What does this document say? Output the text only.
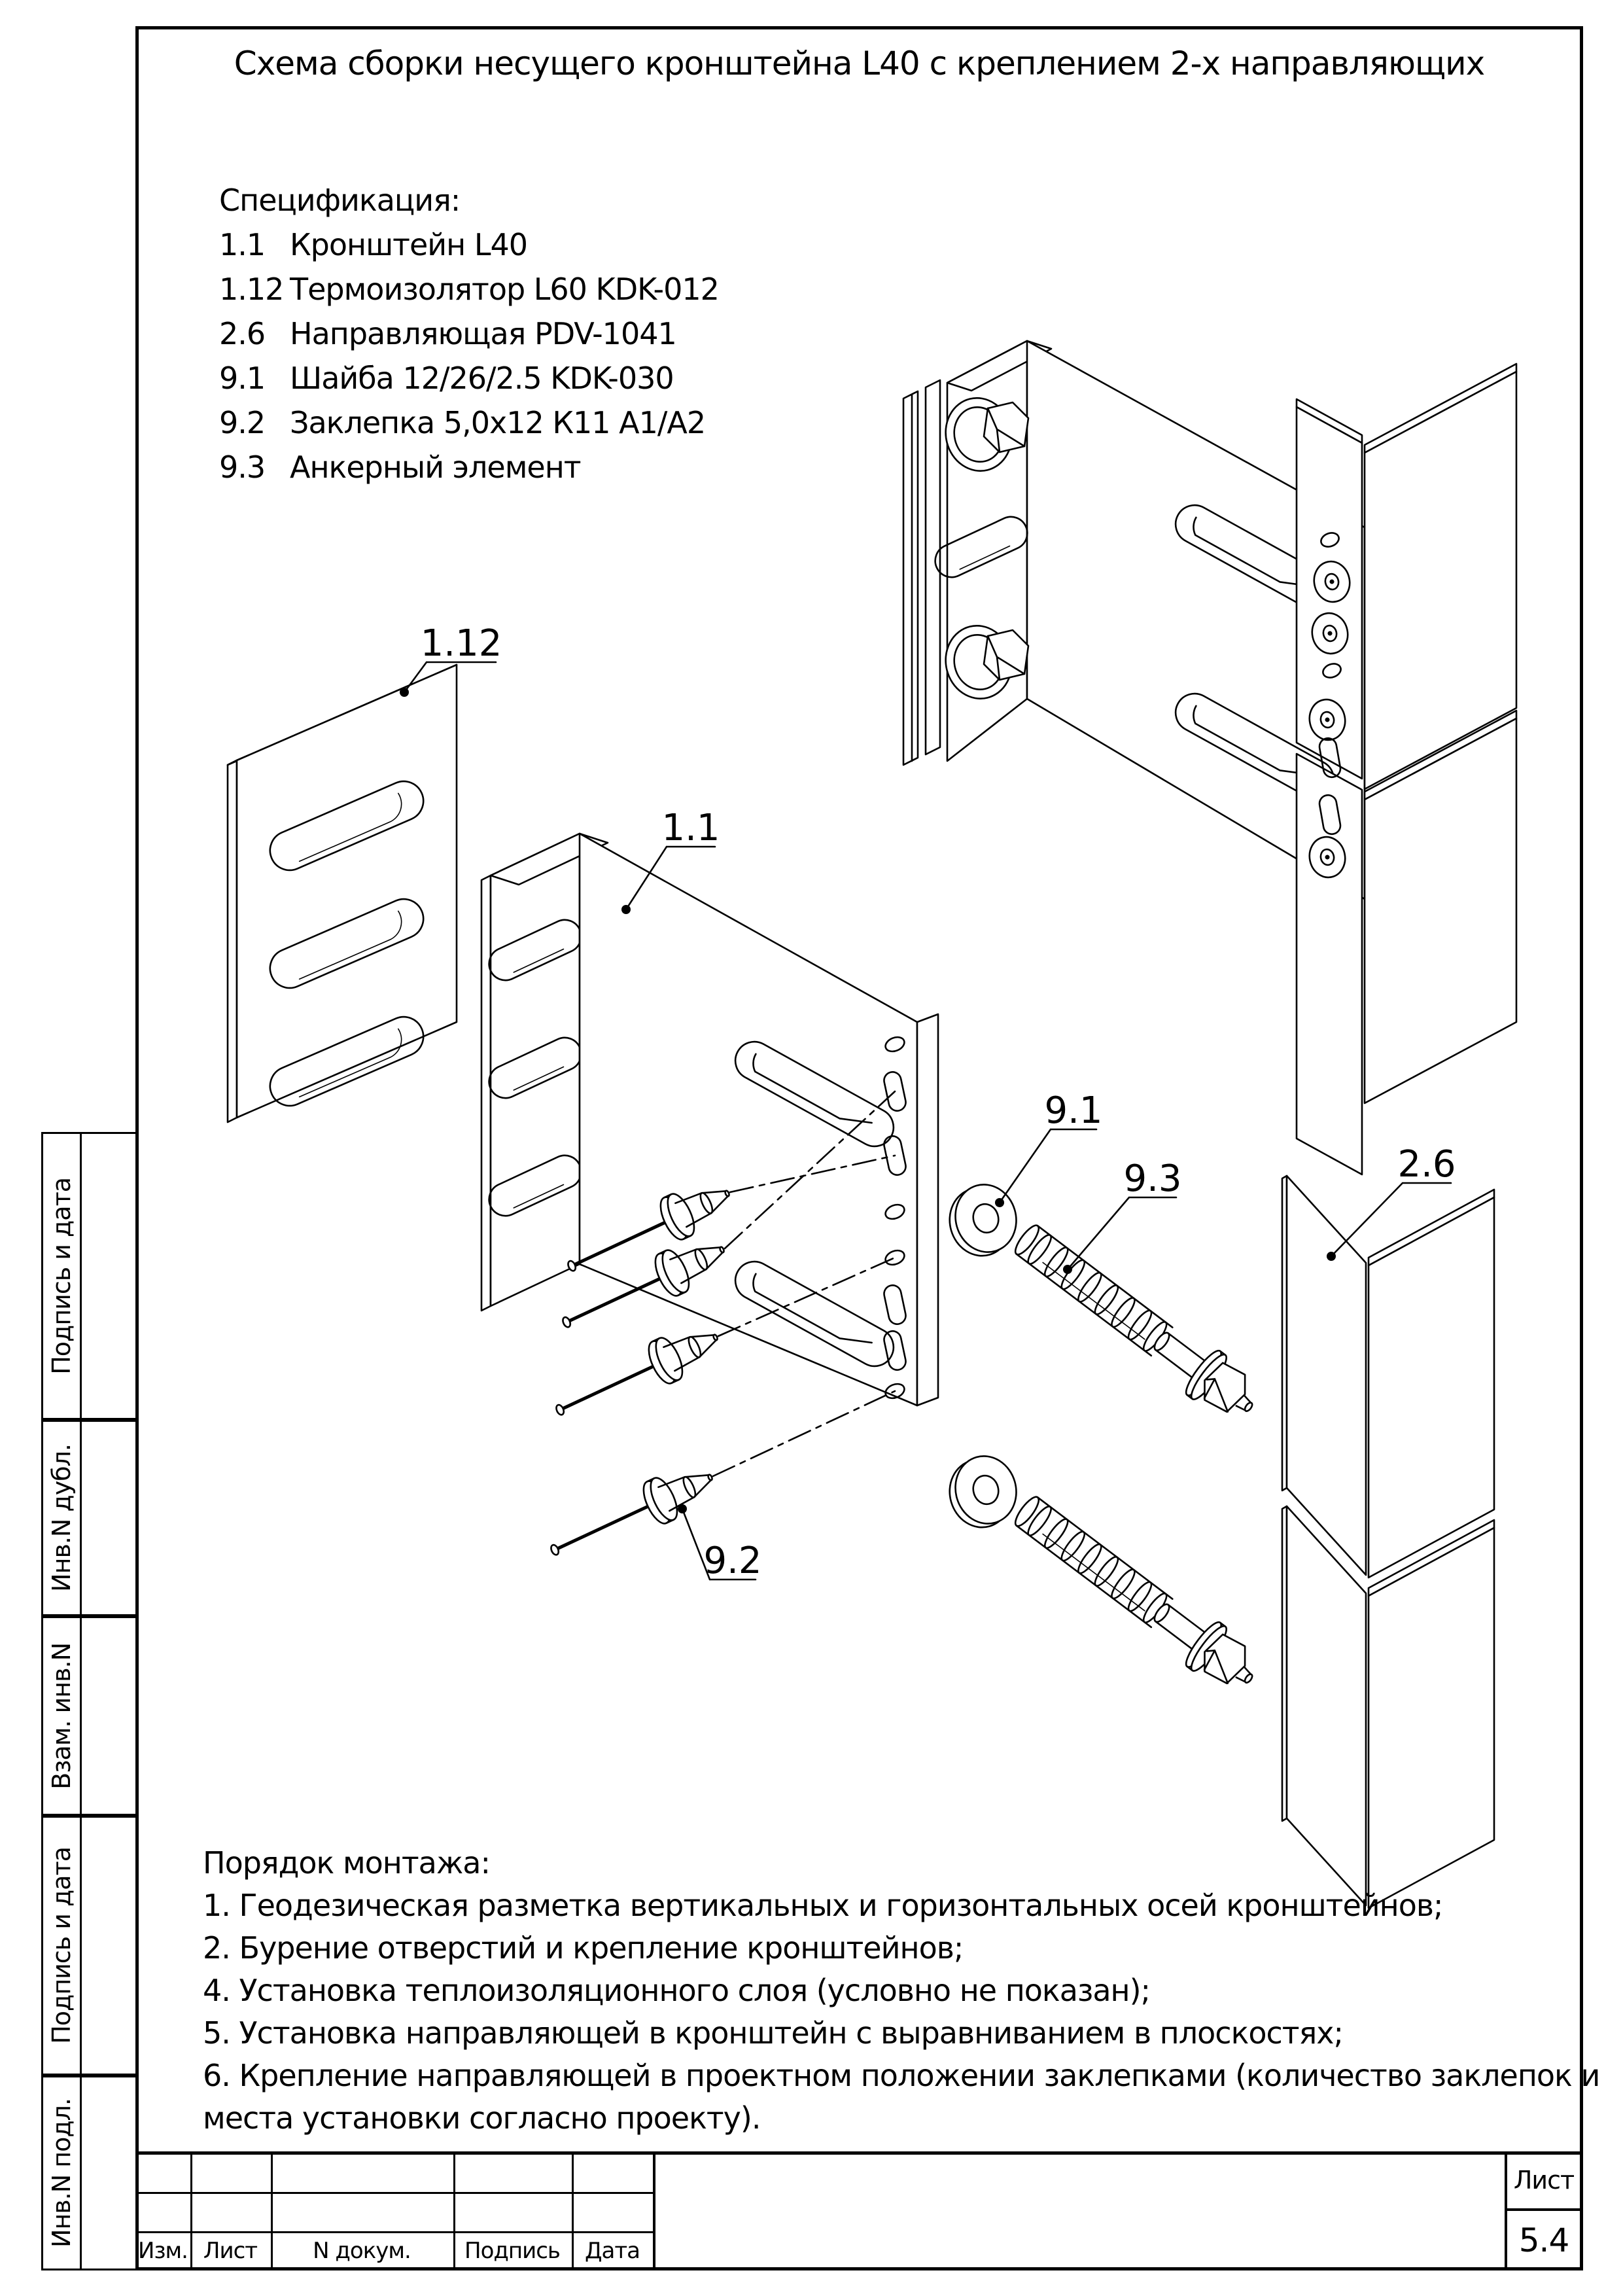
Схема сборки несущего кронштейна L40 с креплением 2-х направляющих
Спецификация:
1.1 Кронштейн L40
1.12 Термоизолятор L60 KDK-012
2.6 Направляющая PDV-1041
9.1 Шайба 12/26/2.5 KDK-030
9.2 Заклепка 5,0х12 К11 А1/А2
9.3 Анкерный элемент
1.12
1.1
9.1
9.3
9.2
2.6
Порядок монтажа:
1. Геодезическая разметка вертикальных и горизонтальных осей кронштейнов;
2. Бурение отверстий и крепление кронштейнов;
4. Установка теплоизоляционного слоя (условно не показан);
5. Установка направляющей в кронштейн с выравниванием в плоскостях;
6. Крепление направляющей в проектном положении заклепками (количество заклепок и
места установки согласно проекту).
Подпись и дата
Инв.N дубл.
Взам. инв.N
Подпись и дата
Инв.N подл.
Изм. Лист	N докум. Подпись Дата
Лист
5.4
